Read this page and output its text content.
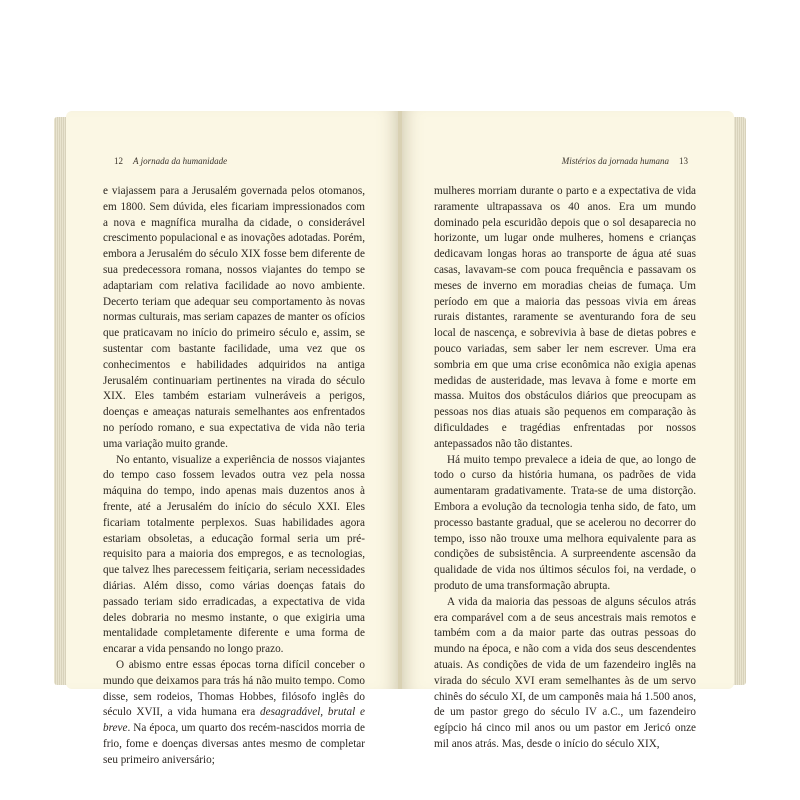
12 A jornada da humanidade

e viajassem para a Jerusalém governada pelos otomanos, em 1800. Sem dúvida, eles ficariam impressionados com a nova e magnífica muralha da cidade, o considerável crescimento populacional e as inovações adotadas. Porém, embora a Jerusalém do século XIX fosse bem diferente de sua predecessora romana, nossos viajantes do tempo se adaptariam com relativa facilidade ao novo ambiente. Decerto teriam que adequar seu comportamento às novas normas culturais, mas seriam capazes de manter os ofícios que praticavam no início do primeiro século e, assim, se sustentar com bastante facilidade, uma vez que os conhecimentos e habilidades adquiridos na antiga Jerusalém continuariam pertinentes na virada do século XIX. Eles também estariam vulneráveis a perigos, doenças e ameaças naturais semelhantes aos enfrentados no período romano, e sua expectativa de vida não teria uma variação muito grande.

No entanto, visualize a experiência de nossos viajantes do tempo caso fossem levados outra vez pela nossa máquina do tempo, indo apenas mais duzentos anos à frente, até a Jerusalém do início do século XXI. Eles ficariam totalmente perplexos. Suas habilidades agora estariam obsoletas, a educação formal seria um pré-requisito para a maioria dos empregos, e as tecnologias, que talvez lhes parecessem feitiçaria, seriam necessidades diárias. Além disso, como várias doenças fatais do passado teriam sido erradicadas, a expectativa de vida deles dobraria no mesmo instante, o que exigiria uma mentalidade completamente diferente e uma forma de encarar a vida pensando no longo prazo.

O abismo entre essas épocas torna difícil conceber o mundo que deixamos para trás há não muito tempo. Como disse, sem rodeios, Thomas Hobbes, filósofo inglês do século XVII, a vida humana era desagradável, brutal e breve. Na época, um quarto dos recém-nascidos morria de frio, fome e doenças diversas antes mesmo de completar seu primeiro aniversário;

Mistérios da jornada humana 13

mulheres morriam durante o parto e a expectativa de vida raramente ultrapassava os 40 anos. Era um mundo dominado pela escuridão depois que o sol desaparecia no horizonte, um lugar onde mulheres, homens e crianças dedicavam longas horas ao transporte de água até suas casas, lavavam-se com pouca frequência e passavam os meses de inverno em moradias cheias de fumaça. Um período em que a maioria das pessoas vivia em áreas rurais distantes, raramente se aventurando fora de seu local de nascença, e sobrevivia à base de dietas pobres e pouco variadas, sem saber ler nem escrever. Uma era sombria em que uma crise econômica não exigia apenas medidas de austeridade, mas levava à fome e morte em massa. Muitos dos obstáculos diários que preocupam as pessoas nos dias atuais são pequenos em comparação às dificuldades e tragédias enfrentadas por nossos antepassados não tão distantes.

Há muito tempo prevalece a ideia de que, ao longo de todo o curso da história humana, os padrões de vida aumentaram gradativamente. Trata-se de uma distorção. Embora a evolução da tecnologia tenha sido, de fato, um processo bastante gradual, que se acelerou no decorrer do tempo, isso não trouxe uma melhora equivalente para as condições de subsistência. A surpreendente ascensão da qualidade de vida nos últimos séculos foi, na verdade, o produto de uma transformação abrupta.

A vida da maioria das pessoas de alguns séculos atrás era comparável com a de seus ancestrais mais remotos e também com a da maior parte das outras pessoas do mundo na época, e não com a vida dos seus descendentes atuais. As condições de vida de um fazendeiro inglês na virada do século XVI eram semelhantes às de um servo chinês do século XI, de um camponês maia há 1.500 anos, de um pastor grego do século IV a.C., um fazendeiro egípcio há cinco mil anos ou um pastor em Jericó onze mil anos atrás. Mas, desde o início do século XIX,
